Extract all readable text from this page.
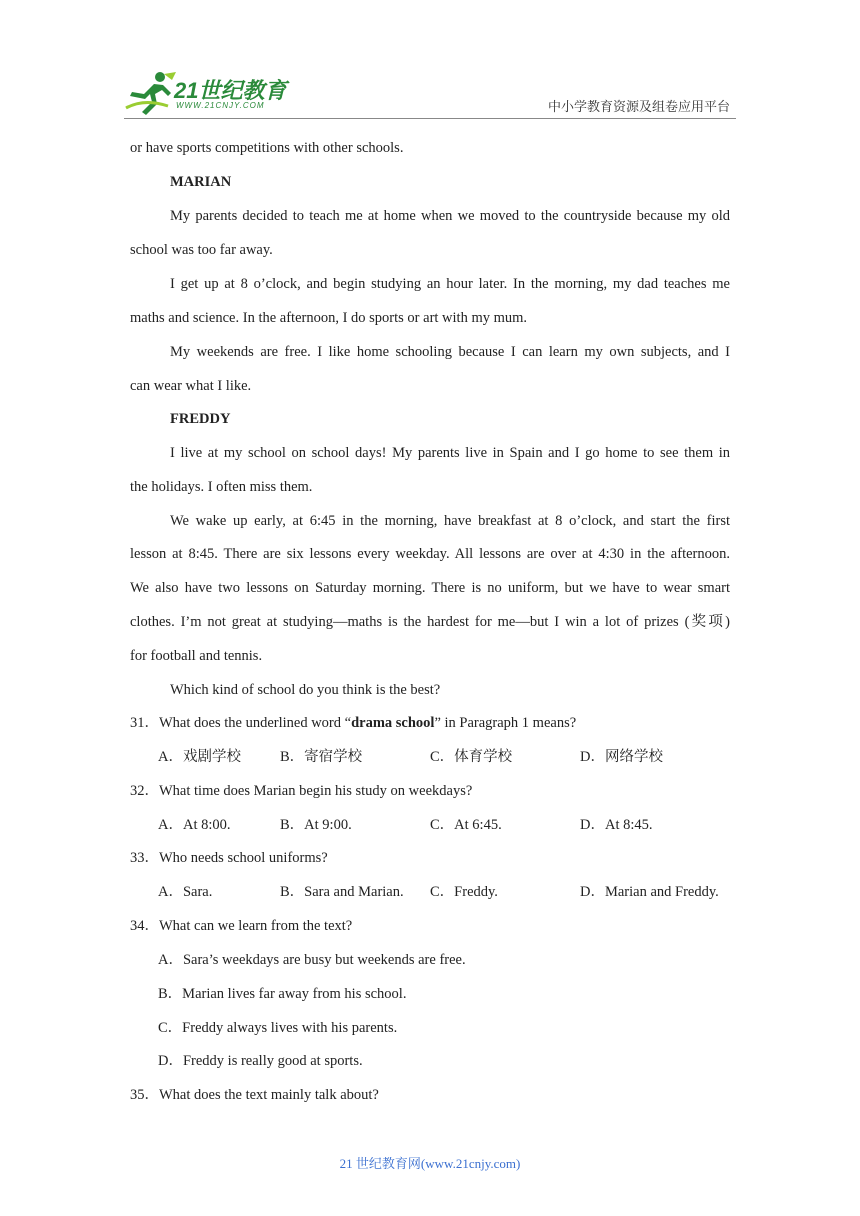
21世纪教育
WWW.21CNJY.COM	中小学教育资源及组卷应用平台
or have sports competitions with other schools.
MARIAN
My parents decided to teach me at home when we moved to the countryside because my old
school was too far away.
I get up at 8 o’clock, and begin studying an hour later. In the morning, my dad teaches me
maths and science. In the afternoon, I do sports or art with my mum.
My weekends are free. I like home schooling because I can learn my own subjects, and I
can wear what I like.
FREDDY
I live at my school on school days! My parents live in Spain and I go home to see them in
the holidays. I often miss them.
We wake up early, at 6:45 in the morning, have breakfast at 8 o’clock, and start the first
lesson at 8:45. There are six lessons every weekday. All lessons are over at 4:30 in the afternoon.
We also have two lessons on Saturday morning. There is no uniform, but we have to wear smart
clothes. I’m not great at studying—maths is the hardest for me—but I win a lot of prizes (奖项)
for football and tennis.
Which kind of school do you think is the best?
31．What does the underlined word “drama school” in Paragraph 1 means?
A．戏剧学校	B．寄宿学校	C．体育学校	D．网络学校
32．What time does Marian begin his study on weekdays?
A．At 8:00.	B．At 9:00.	C．At 6:45.	D．At 8:45.
33．Who needs school uniforms?
A．Sara.	B．Sara and Marian. C．Freddy.	D．Marian and Freddy.
34．What can we learn from the text?
A．Sara’s weekdays are busy but weekends are free.
B．Marian lives far away from his school.
C．Freddy always lives with his parents.
D．Freddy is really good at sports.
35．What does the text mainly talk about?
21 世纪教育网(www.21cnjy.com)
